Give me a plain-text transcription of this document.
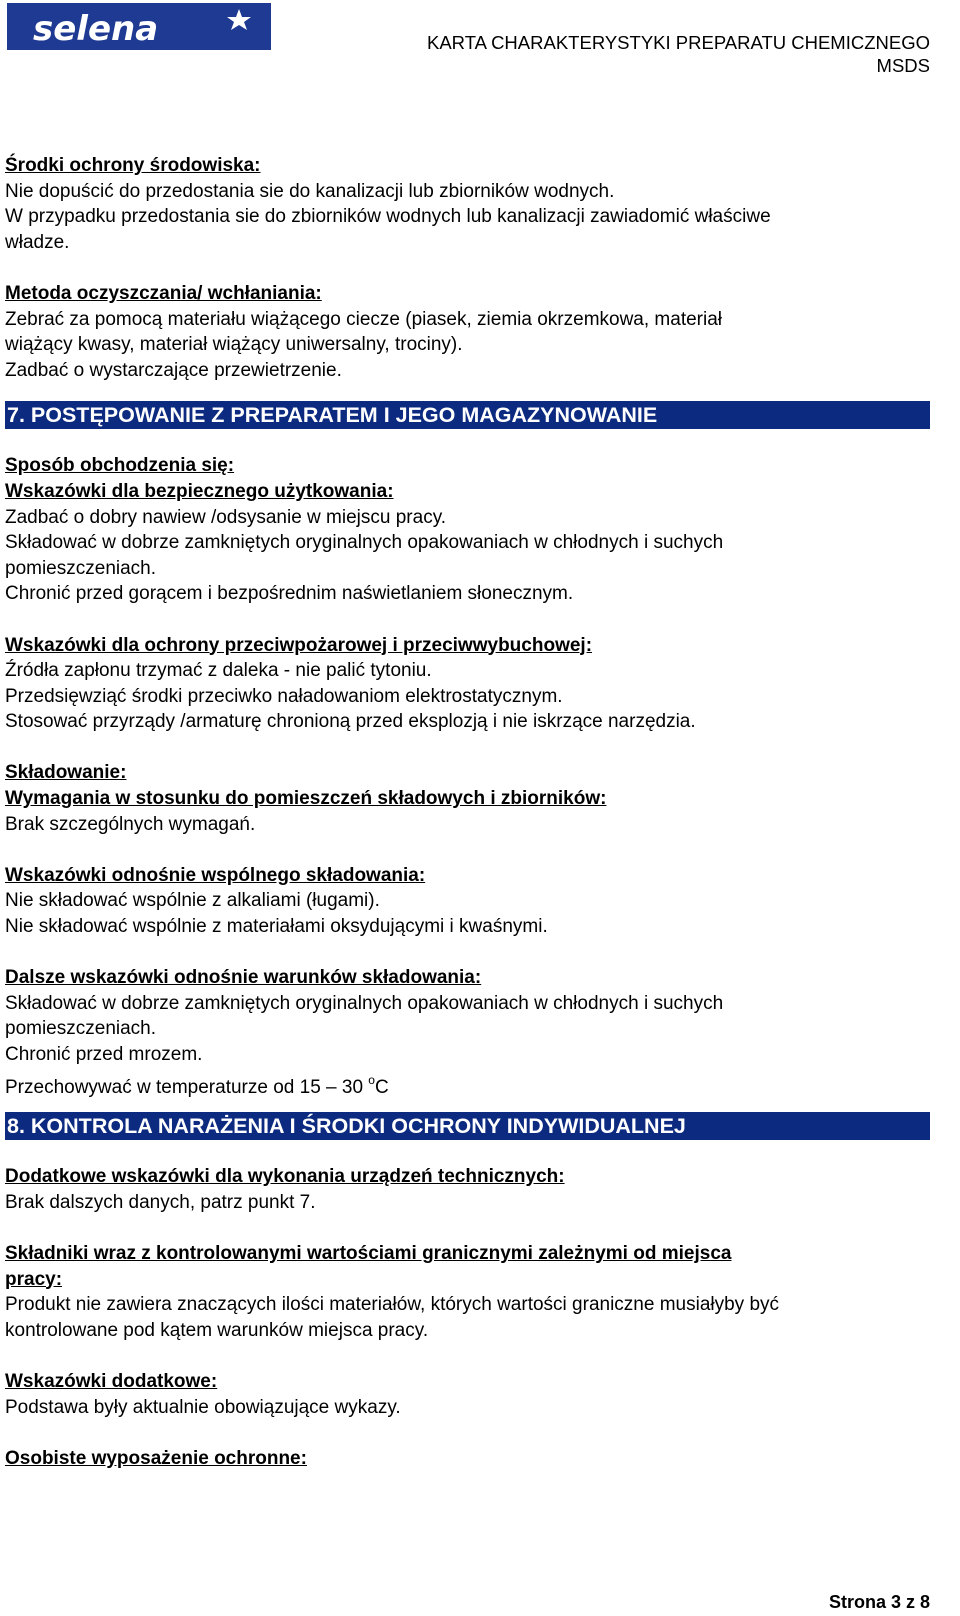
selena	KARTA CHARAKTERYSTYKI PREPARATU CHEMICZNEGO
MSDS

Środki ochrony środowiska:

Nie dopuścić do przedostania sie do kanalizacji lub zbiorników wodnych.

W przypadku przedostania sie do zbiorników wodnych lub kanalizacji zawiadomić właściwe

władze.

Metoda oczyszczania/ wchłaniania:

Zebrać za pomocą materiału wiążącego ciecze (piasek, ziemia okrzemkowa, materiał

wiążący kwasy, materiał wiążący uniwersalny, trociny).

Zadbać o wystarczające przewietrzenie.

7. POSTĘPOWANIE Z PREPARATEM I JEGO MAGAZYNOWANIE

Sposób obchodzenia się:

Wskazówki dla bezpiecznego użytkowania:

Zadbać o dobry nawiew /odsysanie w miejscu pracy.

Składować w dobrze zamkniętych oryginalnych opakowaniach w chłodnych i suchych

pomieszczeniach.

Chronić przed gorącem i bezpośrednim naświetlaniem słonecznym.

Wskazówki dla ochrony przeciwpożarowej i przeciwwybuchowej:

Źródła zapłonu trzymać z daleka - nie palić tytoniu.

Przedsięwziąć środki przeciwko naładowaniom elektrostatycznym.

Stosować przyrządy /armaturę chronioną przed eksplozją i nie iskrzące narzędzia.

Składowanie:

Wymagania w stosunku do pomieszczeń składowych i zbiorników:

Brak szczególnych wymagań.

Wskazówki odnośnie wspólnego składowania:

Nie składować wspólnie z alkaliami (ługami).

Nie składować wspólnie z materiałami oksydującymi i kwaśnymi.

Dalsze wskazówki odnośnie warunków składowania:

Składować w dobrze zamkniętych oryginalnych opakowaniach w chłodnych i suchych

pomieszczeniach.

Chronić przed mrozem.

Przechowywać w temperaturze od 15 – 30 $^o$C

8. KONTROLA NARAŻENIA I ŚRODKI OCHRONY INDYWIDUALNEJ

Dodatkowe wskazówki dla wykonania urządzeń technicznych:

Brak dalszych danych, patrz punkt 7.

Składniki wraz z kontrolowanymi wartościami granicznymi zależnymi od miejsca

pracy:

Produkt nie zawiera znaczących ilości materiałów, których wartości graniczne musiałyby być

kontrolowane pod kątem warunków miejsca pracy.

Wskazówki dodatkowe:

Podstawa były aktualnie obowiązujące wykazy.

Osobiste wyposażenie ochronne:

Strona 3 z 8
